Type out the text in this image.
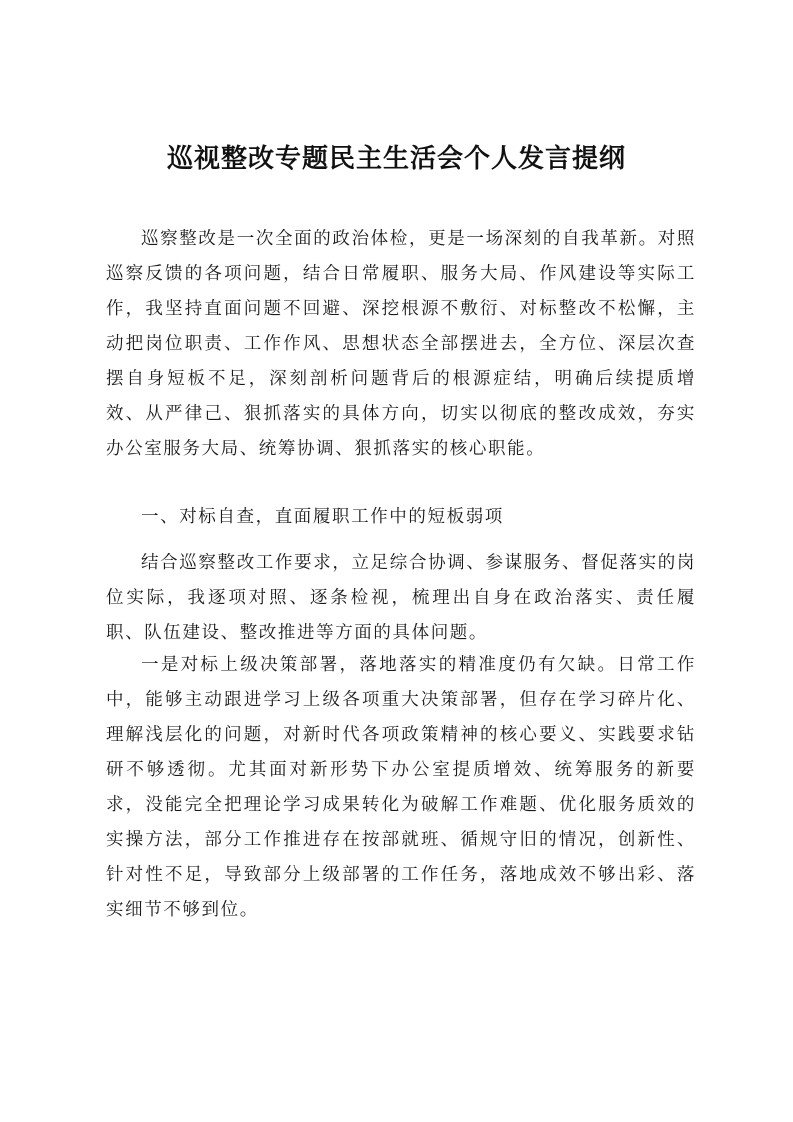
巡视整改专题民主生活会个人发言提纲

巡察整改是一次全面的政治体检，更是一场深刻的自我革新。对照巡察反馈的各项问题，结合日常履职、服务大局、作风建设等实际工作，我坚持直面问题不回避、深挖根源不敷衍、对标整改不松懈，主动把岗位职责、工作作风、思想状态全部摆进去，全方位、深层次查摆自身短板不足，深刻剖析问题背后的根源症结，明确后续提质增效、从严律己、狠抓落实的具体方向，切实以彻底的整改成效，夯实办公室服务大局、统筹协调、狠抓落实的核心职能。

一、对标自查，直面履职工作中的短板弱项

结合巡察整改工作要求，立足综合协调、参谋服务、督促落实的岗位实际，我逐项对照、逐条检视，梳理出自身在政治落实、责任履职、队伍建设、整改推进等方面的具体问题。

一是对标上级决策部署，落地落实的精准度仍有欠缺。日常工作中，能够主动跟进学习上级各项重大决策部署，但存在学习碎片化、理解浅层化的问题，对新时代各项政策精神的核心要义、实践要求钻研不够透彻。尤其面对新形势下办公室提质增效、统筹服务的新要求，没能完全把理论学习成果转化为破解工作难题、优化服务质效的实操方法，部分工作推进存在按部就班、循规守旧的情况，创新性、针对性不足，导致部分上级部署的工作任务，落地成效不够出彩、落实细节不够到位。
